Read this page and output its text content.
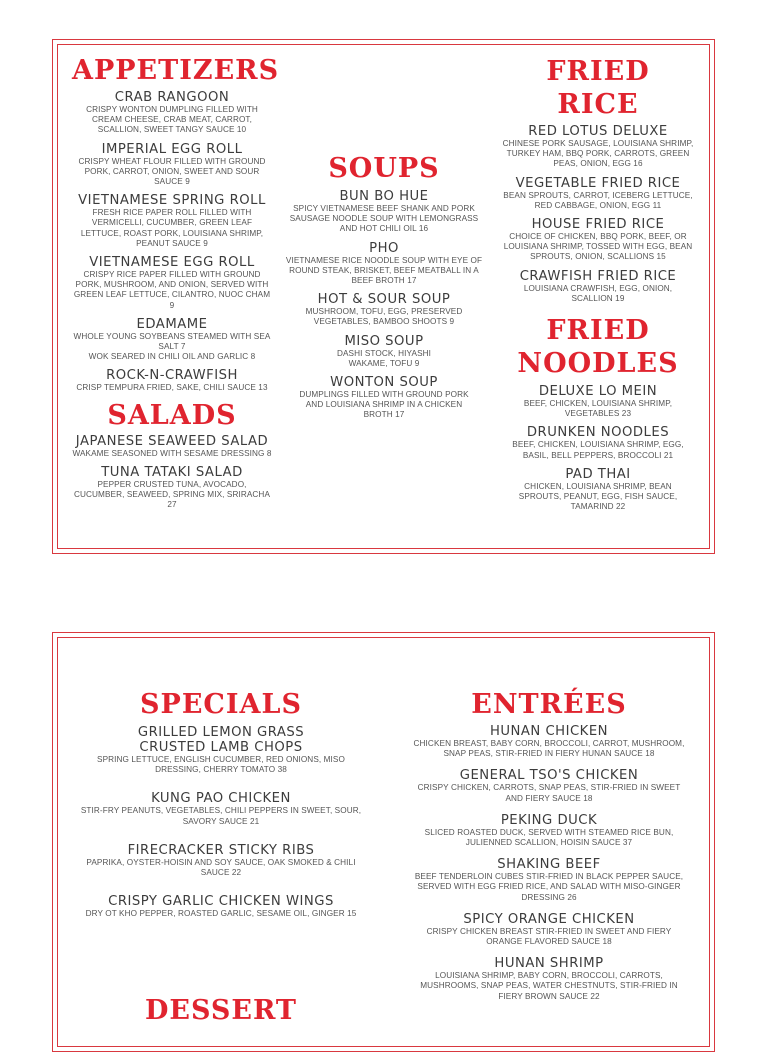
APPETIZERS
CRAB RANGOON
CRISPY WONTON DUMPLING FILLED WITH CREAM CHEESE, CRAB MEAT, CARROT, SCALLION, SWEET TANGY SAUCE 10
IMPERIAL EGG ROLL
CRISPY WHEAT FLOUR FILLED WITH GROUND PORK, CARROT, ONION, SWEET AND SOUR SAUCE 9
VIETNAMESE SPRING ROLL
FRESH RICE PAPER ROLL FILLED WITH VERMICELLI, CUCUMBER, GREEN LEAF LETTUCE, ROAST PORK, LOUISIANA SHRIMP, PEANUT SAUCE 9
VIETNAMESE EGG ROLL
CRISPY RICE PAPER FILLED WITH GROUND PORK, MUSHROOM, AND ONION, SERVED WITH GREEN LEAF LETTUCE, CILANTRO, NUOC CHAM 9
EDAMAME
WHOLE YOUNG SOYBEANS STEAMED WITH SEA SALT 7
WOK SEARED IN CHILI OIL AND GARLIC 8
ROCK-N-CRAWFISH
CRISP TEMPURA FRIED, SAKE, CHILI SAUCE 13
SALADS
JAPANESE SEAWEED SALAD
WAKAME SEASONED WITH SESAME DRESSING 8
TUNA TATAKI SALAD
PEPPER CRUSTED TUNA, AVOCADO, CUCUMBER, SEAWEED, SPRING MIX, SRIRACHA 27
SOUPS
BUN BO HUE
SPICY VIETNAMESE BEEF SHANK AND PORK SAUSAGE NOODLE SOUP WITH LEMONGRASS AND HOT CHILI OIL 16
PHO
VIETNAMESE RICE NOODLE SOUP WITH EYE OF ROUND STEAK, BRISKET, BEEF MEATBALL IN A BEEF BROTH 17
HOT & SOUR SOUP
MUSHROOM, TOFU, EGG, PRESERVED VEGETABLES, BAMBOO SHOOTS 9
MISO SOUP
DASHI STOCK, HIYASHI WAKAME, TOFU 9
WONTON SOUP
DUMPLINGS FILLED WITH GROUND PORK AND LOUISIANA SHRIMP IN A CHICKEN BROTH 17
FRIED
RICE
RED LOTUS DELUXE
CHINESE PORK SAUSAGE, LOUISIANA SHRIMP, TURKEY HAM, BBQ PORK, CARROTS, GREEN PEAS, ONION, EGG 16
VEGETABLE FRIED RICE
BEAN SPROUTS, CARROT, ICEBERG LETTUCE, RED CABBAGE, ONION, EGG 11
HOUSE FRIED RICE
CHOICE OF CHICKEN, BBQ PORK, BEEF, OR LOUISIANA SHRIMP, TOSSED WITH EGG, BEAN SPROUTS, ONION, SCALLIONS 15
CRAWFISH FRIED RICE
LOUISIANA CRAWFISH, EGG, ONION, SCALLION 19
FRIED
NOODLES
DELUXE LO MEIN
BEEF, CHICKEN, LOUISIANA SHRIMP, VEGETABLES 23
DRUNKEN NOODLES
BEEF, CHICKEN, LOUISIANA SHRIMP, EGG, BASIL, BELL PEPPERS, BROCCOLI 21
PAD THAI
CHICKEN, LOUISIANA SHRIMP, BEAN SPROUTS, PEANUT, EGG, FISH SAUCE, TAMARIND 22
SPECIALS
GRILLED LEMON GRASS CRUSTED LAMB CHOPS
SPRING LETTUCE, ENGLISH CUCUMBER, RED ONIONS, MISO DRESSING, CHERRY TOMATO 38
KUNG PAO CHICKEN
STIR-FRY PEANUTS, VEGETABLES, CHILI PEPPERS IN SWEET, SOUR, SAVORY SAUCE 21
FIRECRACKER STICKY RIBS
PAPRIKA, OYSTER-HOISIN AND SOY SAUCE, OAK SMOKED & CHILI SAUCE 22
CRISPY GARLIC CHICKEN WINGS
DRY OT KHO PEPPER, ROASTED GARLIC, SESAME OIL, GINGER 15
DESSERT
ENTRÉES
HUNAN CHICKEN
CHICKEN BREAST, BABY CORN, BROCCOLI, CARROT, MUSHROOM, SNAP PEAS, STIR-FRIED IN FIERY HUNAN SAUCE 18
GENERAL TSO'S CHICKEN
CRISPY CHICKEN, CARROTS, SNAP PEAS, STIR-FRIED IN SWEET AND FIERY SAUCE 18
PEKING DUCK
SLICED ROASTED DUCK, SERVED WITH STEAMED RICE BUN, JULIENNED SCALLION, HOISIN SAUCE 37
SHAKING BEEF
BEEF TENDERLOIN CUBES STIR-FRIED IN BLACK PEPPER SAUCE, SERVED WITH EGG FRIED RICE, AND SALAD WITH MISO-GINGER DRESSING 26
SPICY ORANGE CHICKEN
CRISPY CHICKEN BREAST STIR-FRIED IN SWEET AND FIERY ORANGE FLAVORED SAUCE 18
HUNAN SHRIMP
LOUISIANA SHRIMP, BABY CORN, BROCCOLI, CARROTS, MUSHROOMS, SNAP PEAS, WATER CHESTNUTS, STIR-FRIED IN FIERY BROWN SAUCE 22
